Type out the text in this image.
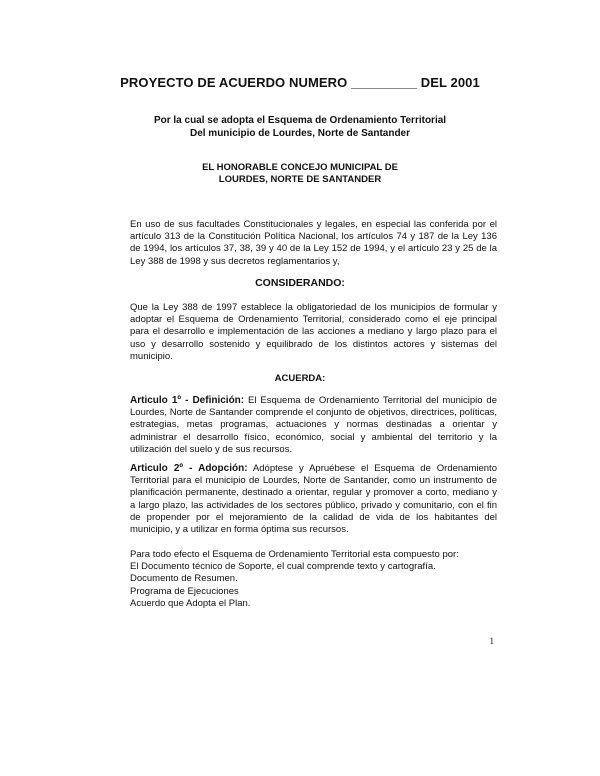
PROYECTO DE ACUERDO NUMERO _________ DEL 2001
Por la cual se adopta el Esquema de Ordenamiento Territorial
Del municipio de Lourdes, Norte de Santander
EL HONORABLE CONCEJO MUNICIPAL DE
LOURDES, NORTE DE SANTANDER

En uso de sus facultades Constitucionales y legales, en especial las conferida por el artículo 313 de la Constitución Política Nacional, los artículos 74 y 187 de la Ley 136 de 1994, los artículos 37, 38, 39 y 40 de la Ley 152 de 1994, y el artículo 23 y 25 de la Ley 388 de 1998 y sus decretos reglamentarios y,

CONSIDERANDO:

Que la Ley 388 de 1997 establece la obligatoriedad de los municipios de formular y adoptar el Esquema de Ordenamiento Territorial, considerado como el eje principal para el desarrollo e implementación de las acciones a mediano y largo plazo para el uso y desarrollo sostenido y equilibrado de los distintos actores y sistemas del municipio.

ACUERDA:

Articulo 1º - Definición: El Esquema de Ordenamiento Territorial del municipio de Lourdes, Norte de Santander comprende el conjunto de objetivos, directrices, políticas, estrategias, metas programas, actuaciones y normas destinadas a orientar y administrar el desarrollo físico, económico, social y ambiental del territorio y la utilización del suelo y de sus recursos.

Articulo 2º - Adopción: Adóptese y Apruébese el Esquema de Ordenamiento Territorial para el municipio de Lourdes, Norte de Santander, como un instrumento de planificación permanente, destinado a orientar, regular y promover a corto, mediano y a largo plazo, las actividades de los sectores público, privado y comunitario, con el fin de propender por el mejoramiento de la calidad de vida de los habitantes del municipio, y a utilizar en forma óptima sus recursos.

Para todo efecto el Esquema de Ordenamiento Territorial esta compuesto por:
El Documento técnico de Soporte, el cual comprende texto y cartografía.
Documento de Resumen.
Programa de Ejecuciones
Acuerdo que Adopta el Plan.
1
